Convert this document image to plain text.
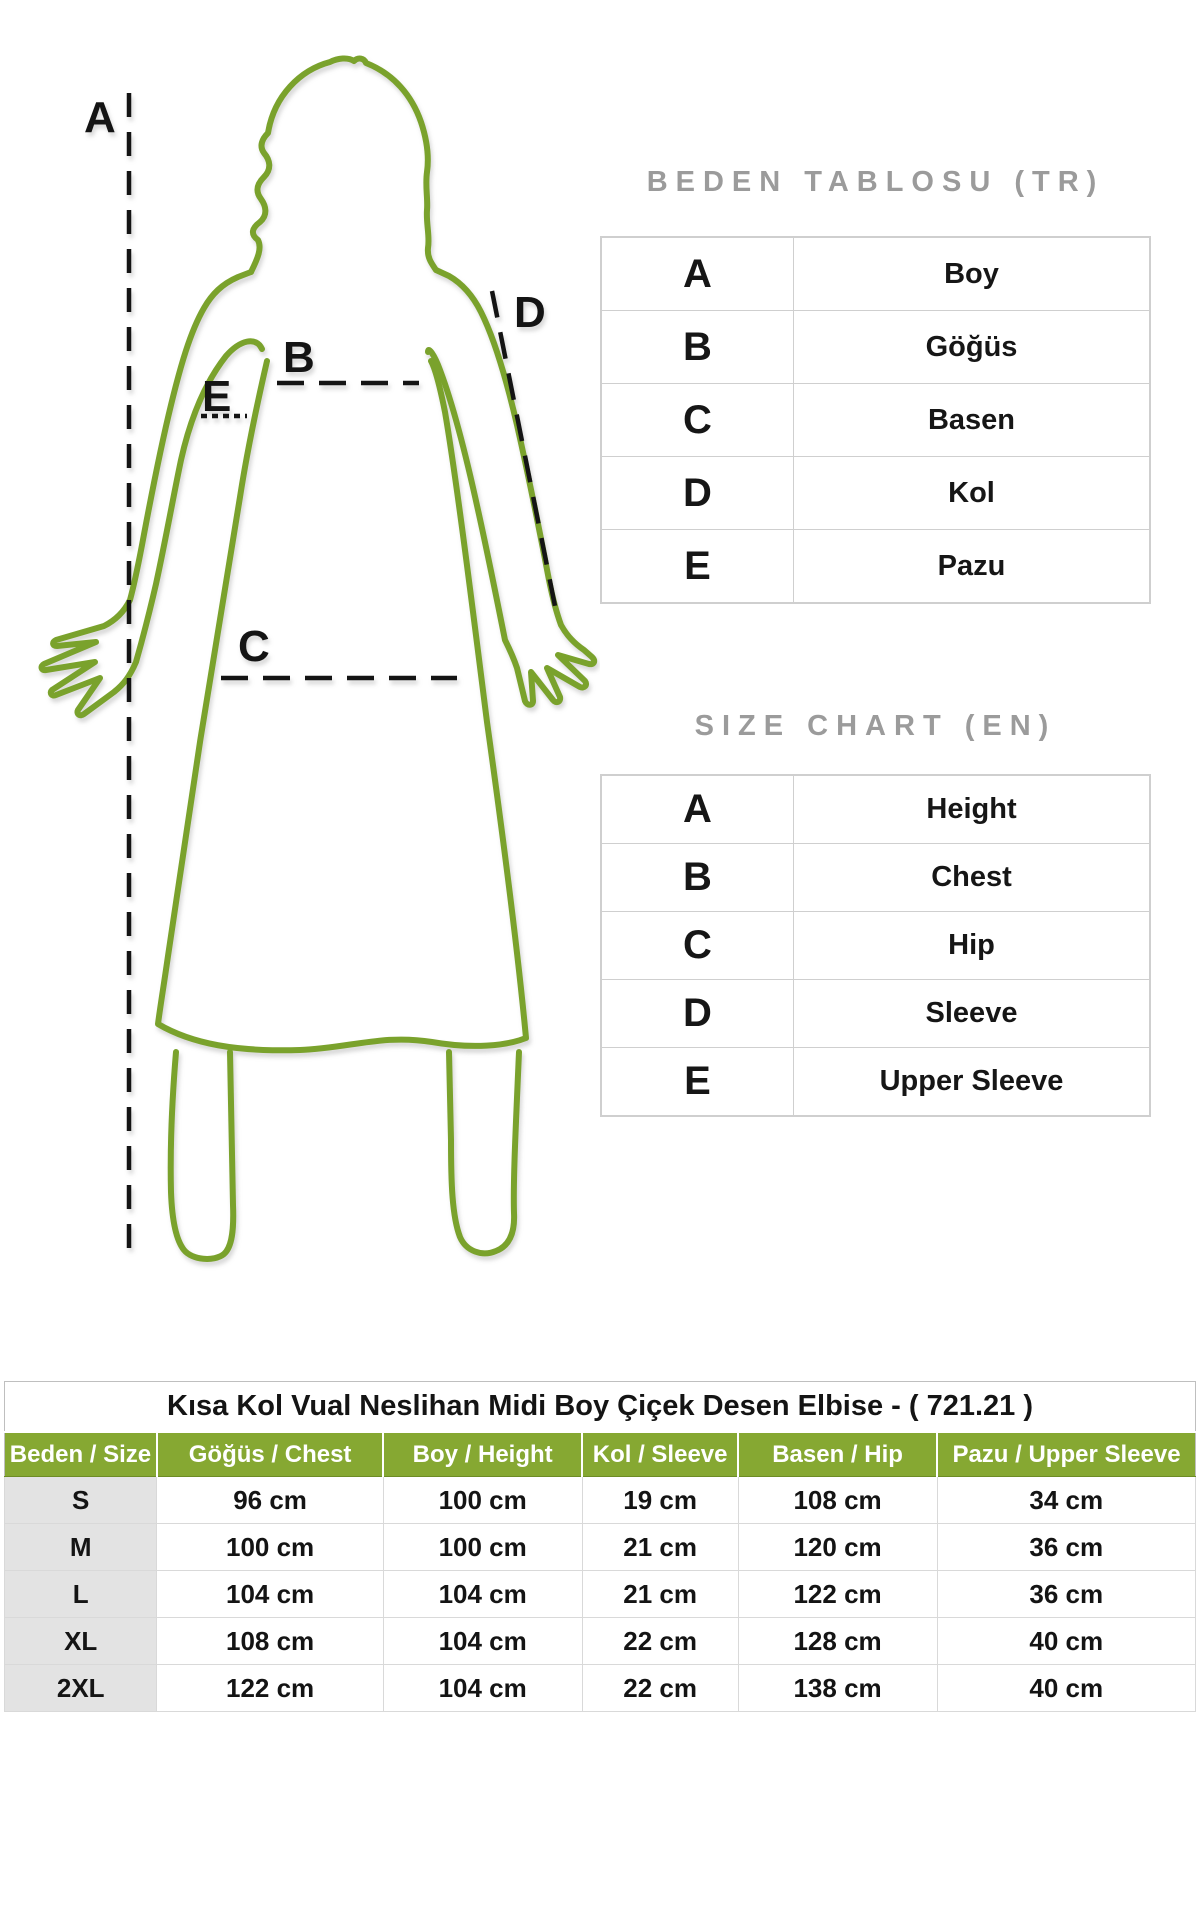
A
B
C
D
E
BEDEN TABLOSU (TR)
A	Boy
B	Göğüs
C	Basen
D	Kol
E	Pazu
SIZE CHART (EN)
A	Height
B	Chest
C	Hip
D	Sleeve
E	Upper Sleeve
Kısa Kol Vual Neslihan Midi Boy Çiçek Desen Elbise - ( 721.21 )					
Beden / Size	Göğüs / Chest	Boy / Height	Kol / Sleeve	Basen / Hip	Pazu / Upper Sleeve
S	96 cm	100 cm	19 cm	108 cm	34 cm
M	100 cm	100 cm	21 cm	120 cm	36 cm
L	104 cm	104 cm	21 cm	122 cm	36 cm
XL	108 cm	104 cm	22 cm	128 cm	40 cm
2XL	122 cm	104 cm	22 cm	138 cm	40 cm
